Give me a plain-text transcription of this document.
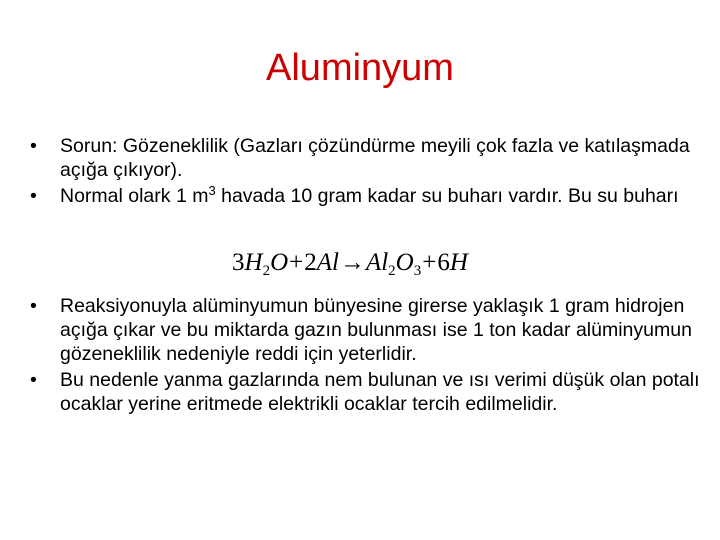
Aluminyum
• Sorun: Gözeneklilik (Gazları çözündürme meyili çok fazla ve katılaşmada açığa çıkıyor).
• Normal olark 1 $m^3$ havada 10 gram kadar su buharı vardır. Bu su buharı
$3H_2O+2Al\to Al_2O_3+6H$
• Reaksiyonuyla alüminyumun bünyesine girerse yaklaşık 1 gram hidrojen açığa çıkar ve bu miktarda gazın bulunması ise 1 ton kadar alüminyumun gözeneklilik nedeniyle reddi için yeterlidir.
• Bu nedenle yanma gazlarında nem bulunan ve ısı verimi düşük olan potalı ocaklar yerine eritmede elektrikli ocaklar tercih edilmelidir.
